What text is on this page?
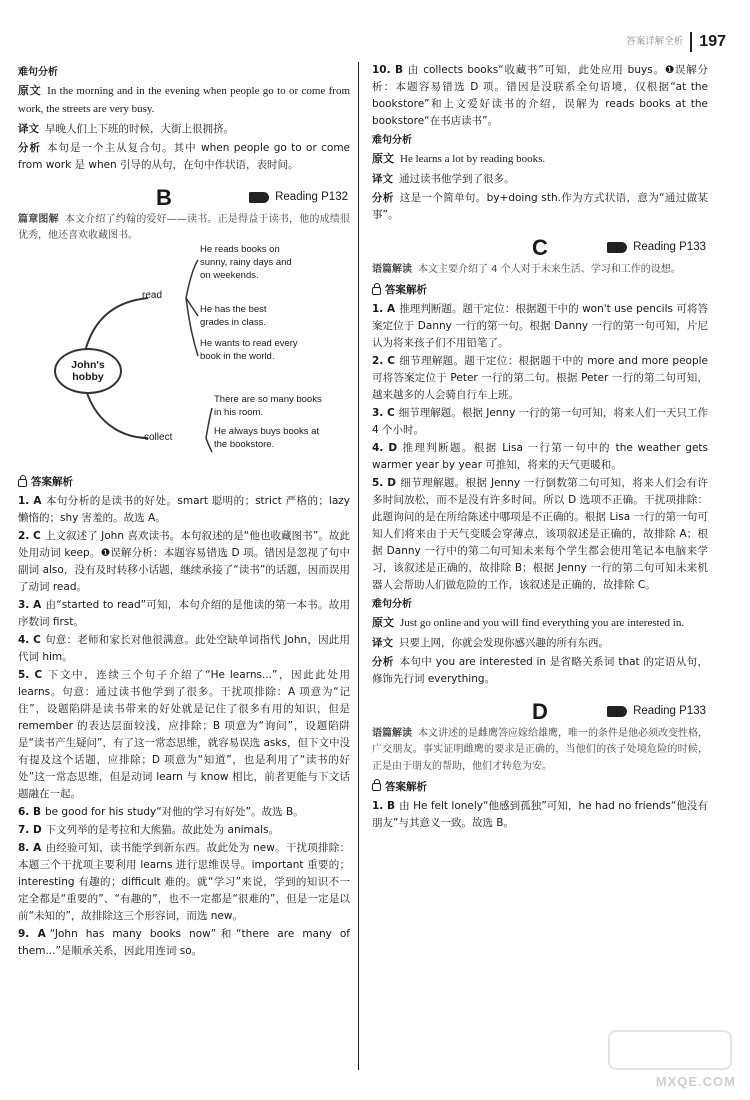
答案详解全析 197
难句分析

原文 In the morning and in the evening when people go to or come from work, the streets are very busy.

译文 早晚人们上下班的时候，大街上很拥挤。

分析 本句是一个主从复合句。其中 when people go to or come from work 是 when 引导的从句，在句中作状语，表时间。

B	Reading P132

篇章图解 本文介绍了约翰的爱好——读书。正是得益于读书，他的成绩很优秀，他还喜欢收藏图书。

John's hobby
read
collect
He reads books on sunny, rainy days and on weekends.
He has the best grades in class.
He wants to read every book in the world.
There are so many books in his room.
He always buys books at the bookstore.
答案解析

1. A 本句分析的是读书的好处。smart 聪明的；strict 严格的；lazy 懒惰的；shy 害羞的。故选 A。

2. C 上文叙述了 John 喜欢读书。本句叙述的是“他也收藏图书”。故此处用动词 keep。❶误解分析：本题容易错选 D 项。错因是忽视了句中副词 also，没有及时转移小话题，继续承接了“读书”的话题，因而误用了动词 read。

3. A 由“started to read”可知，本句介绍的是他读的第一本书。故用序数词 first。

4. C 句意：老师和家长对他很满意。此处空缺单词指代 John，因此用代词 him。

5. C 下文中，连续三个句子介绍了“He learns...”，因此此处用 learns。句意：通过读书他学到了很多。干扰项排除：A 项意为“记住”，设题陷阱是读书带来的好处就是记住了很多有用的知识，但是 remember 的表达层面较浅，应排除；B 项意为“询问”，设题陷阱是“读书产生疑问”，有了这一常态思维，就容易误选 asks，但下文中没有提及这个话题，应排除；D 项意为“知道”，也是利用了“读书的好处”这一常态思维，但是动词 learn 与 know 相比，前者更能与下文话题融在一起。

6. B be good for his study“对他的学习有好处”。故选 B。

7. D 下文列举的是考拉和大熊猫。故此处为 animals。

8. A 由经验可知，读书能学到新东西。故此处为 new。干扰项排除：本题三个干扰项主要利用 learns 进行思维误导。important 重要的；interesting 有趣的；difficult 难的。就“学习”来说，学到的知识不一定全都是“重要的”、“有趣的”，也不一定都是“很难的”，但是一定是以前“未知的”，故排除这三个形容词，而选 new。

9. A “John has many books now”和“there are many of them...”是顺承关系，因此用连词 so。

10. B 由 collects books“收藏书”可知，此处应用 buys。❶误解分析：本题容易错选 D 项。错因是没联系全句语境，仅根据“at the bookstore”和上文爱好读书的介绍，误解为 reads books at the bookstore“在书店读书”。

难句分析

原文 He learns a lot by reading books.

译文 通过读书他学到了很多。

分析 这是一个简单句。by+doing sth.作为方式状语，意为“通过做某事”。

C	Reading P133

语篇解读 本文主要介绍了 4 个人对于未来生活、学习和工作的设想。

答案解析

1. A 推理判断题。题干定位：根据题干中的 won't use pencils 可将答案定位于 Danny 一行的第一句。根据 Danny 一行的第一句可知，片尼认为将来孩子们不用铅笔了。

2. C 细节理解题。题干定位：根据题干中的 more and more people 可将答案定位于 Peter 一行的第二句。根据 Peter 一行的第二句可知，越来越多的人会骑自行车上班。

3. C 细节理解题。根据 Jenny 一行的第一句可知，将来人们一天只工作 4 个小时。

4. D 推理判断题。根据 Lisa 一行第一句中的 the weather gets warmer year by year 可推知，将来的天气更暖和。

5. D 细节理解题。根据 Jenny 一行倒数第二句可知，将来人们会有许多时间放松，而不是没有许多时间。所以 D 选项不正确。干扰项排除：此题询问的是在所给陈述中哪项是不正确的。根据 Lisa 一行的第一句可知人们将来由于天气变暖会穿薄点，该项叙述是正确的，故排除 A；根据 Danny 一行中的第二句可知未来每个学生都会使用笔记本电脑来学习，该叙述是正确的，故排除 B；根据 Jenny 一行的第二句可知未来机器人会帮助人们做危险的工作，该叙述是正确的，故排除 C。

难句分析

原文 Just go online and you will find everything you are interested in.

译文 只要上网，你就会发现你感兴趣的所有东西。

分析 本句中 you are interested in 是省略关系词 that 的定语从句，修饰先行词 everything。

D	Reading P133

语篇解读 本文讲述的是雌鹰答应嫁给雄鹰，唯一的条件是他必须改变性格，广交朋友。事实证明雌鹰的要求是正确的，当他们的孩子处境危险的时候，正是由于朋友的帮助，他们才转危为安。

答案解析

1. B 由 He felt lonely“他感到孤独”可知，he had no friends“他没有朋友”与其意义一致。故选 B。

MXQE.COM
